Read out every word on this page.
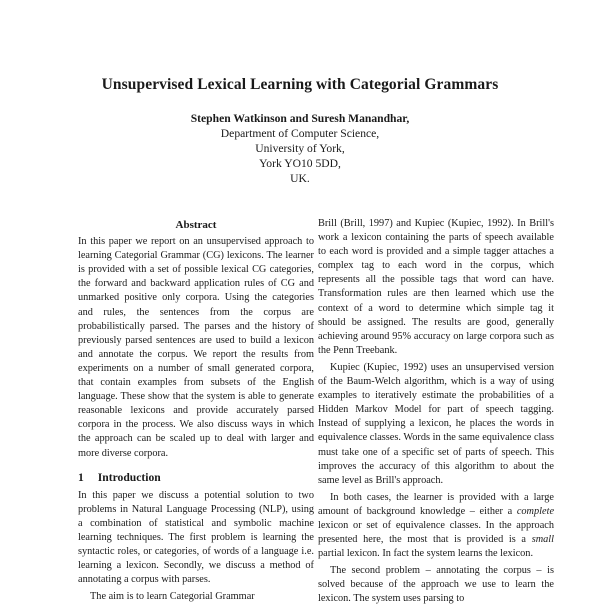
Unsupervised Lexical Learning with Categorial Grammars
Stephen Watkinson and Suresh Manandhar,
Department of Computer Science,
University of York,
York YO10 5DD,
UK.
Abstract

In this paper we report on an unsupervised approach to learning Categorial Grammar (CG) lexicons. The learner is provided with a set of possible lexical CG categories, the forward and backward application rules of CG and unmarked positive only corpora. Using the categories and rules, the sentences from the corpus are probabilistically parsed. The parses and the history of previously parsed sentences are used to build a lexicon and annotate the corpus. We report the results from experiments on a number of small generated corpora, that contain examples from subsets of the English language. These show that the system is able to generate reasonable lexicons and provide accurately parsed corpora in the process. We also discuss ways in which the approach can be scaled up to deal with larger and more diverse corpora.

1 Introduction

In this paper we discuss a potential solution to two problems in Natural Language Processing (NLP), using a combination of statistical and symbolic machine learning techniques. The first problem is learning the syntactic roles, or categories, of words of a language i.e. learning a lexicon. Secondly, we discuss a method of annotating a corpus with parses.

The aim is to learn Categorial Grammar

Brill (Brill, 1997) and Kupiec (Kupiec, 1992). In Brill's work a lexicon containing the parts of speech available to each word is provided and a simple tagger attaches a complex tag to each word in the corpus, which represents all the possible tags that word can have. Transformation rules are then learned which use the context of a word to determine which simple tag it should be assigned. The results are good, generally achieving around 95% accuracy on large corpora such as the Penn Treebank.

Kupiec (Kupiec, 1992) uses an unsupervised version of the Baum-Welch algorithm, which is a way of using examples to iteratively estimate the probabilities of a Hidden Markov Model for part of speech tagging. Instead of supplying a lexicon, he places the words in equivalence classes. Words in the same equivalence class must take one of a specific set of parts of speech. This improves the accuracy of this algorithm to about the same level as Brill's approach.

In both cases, the learner is provided with a large amount of background knowledge – either a complete lexicon or set of equivalence classes. In the approach presented here, the most that is provided is a small partial lexicon. In fact the system learns the lexicon.

The second problem – annotating the corpus – is solved because of the approach we use to learn the lexicon. The system uses parsing to
